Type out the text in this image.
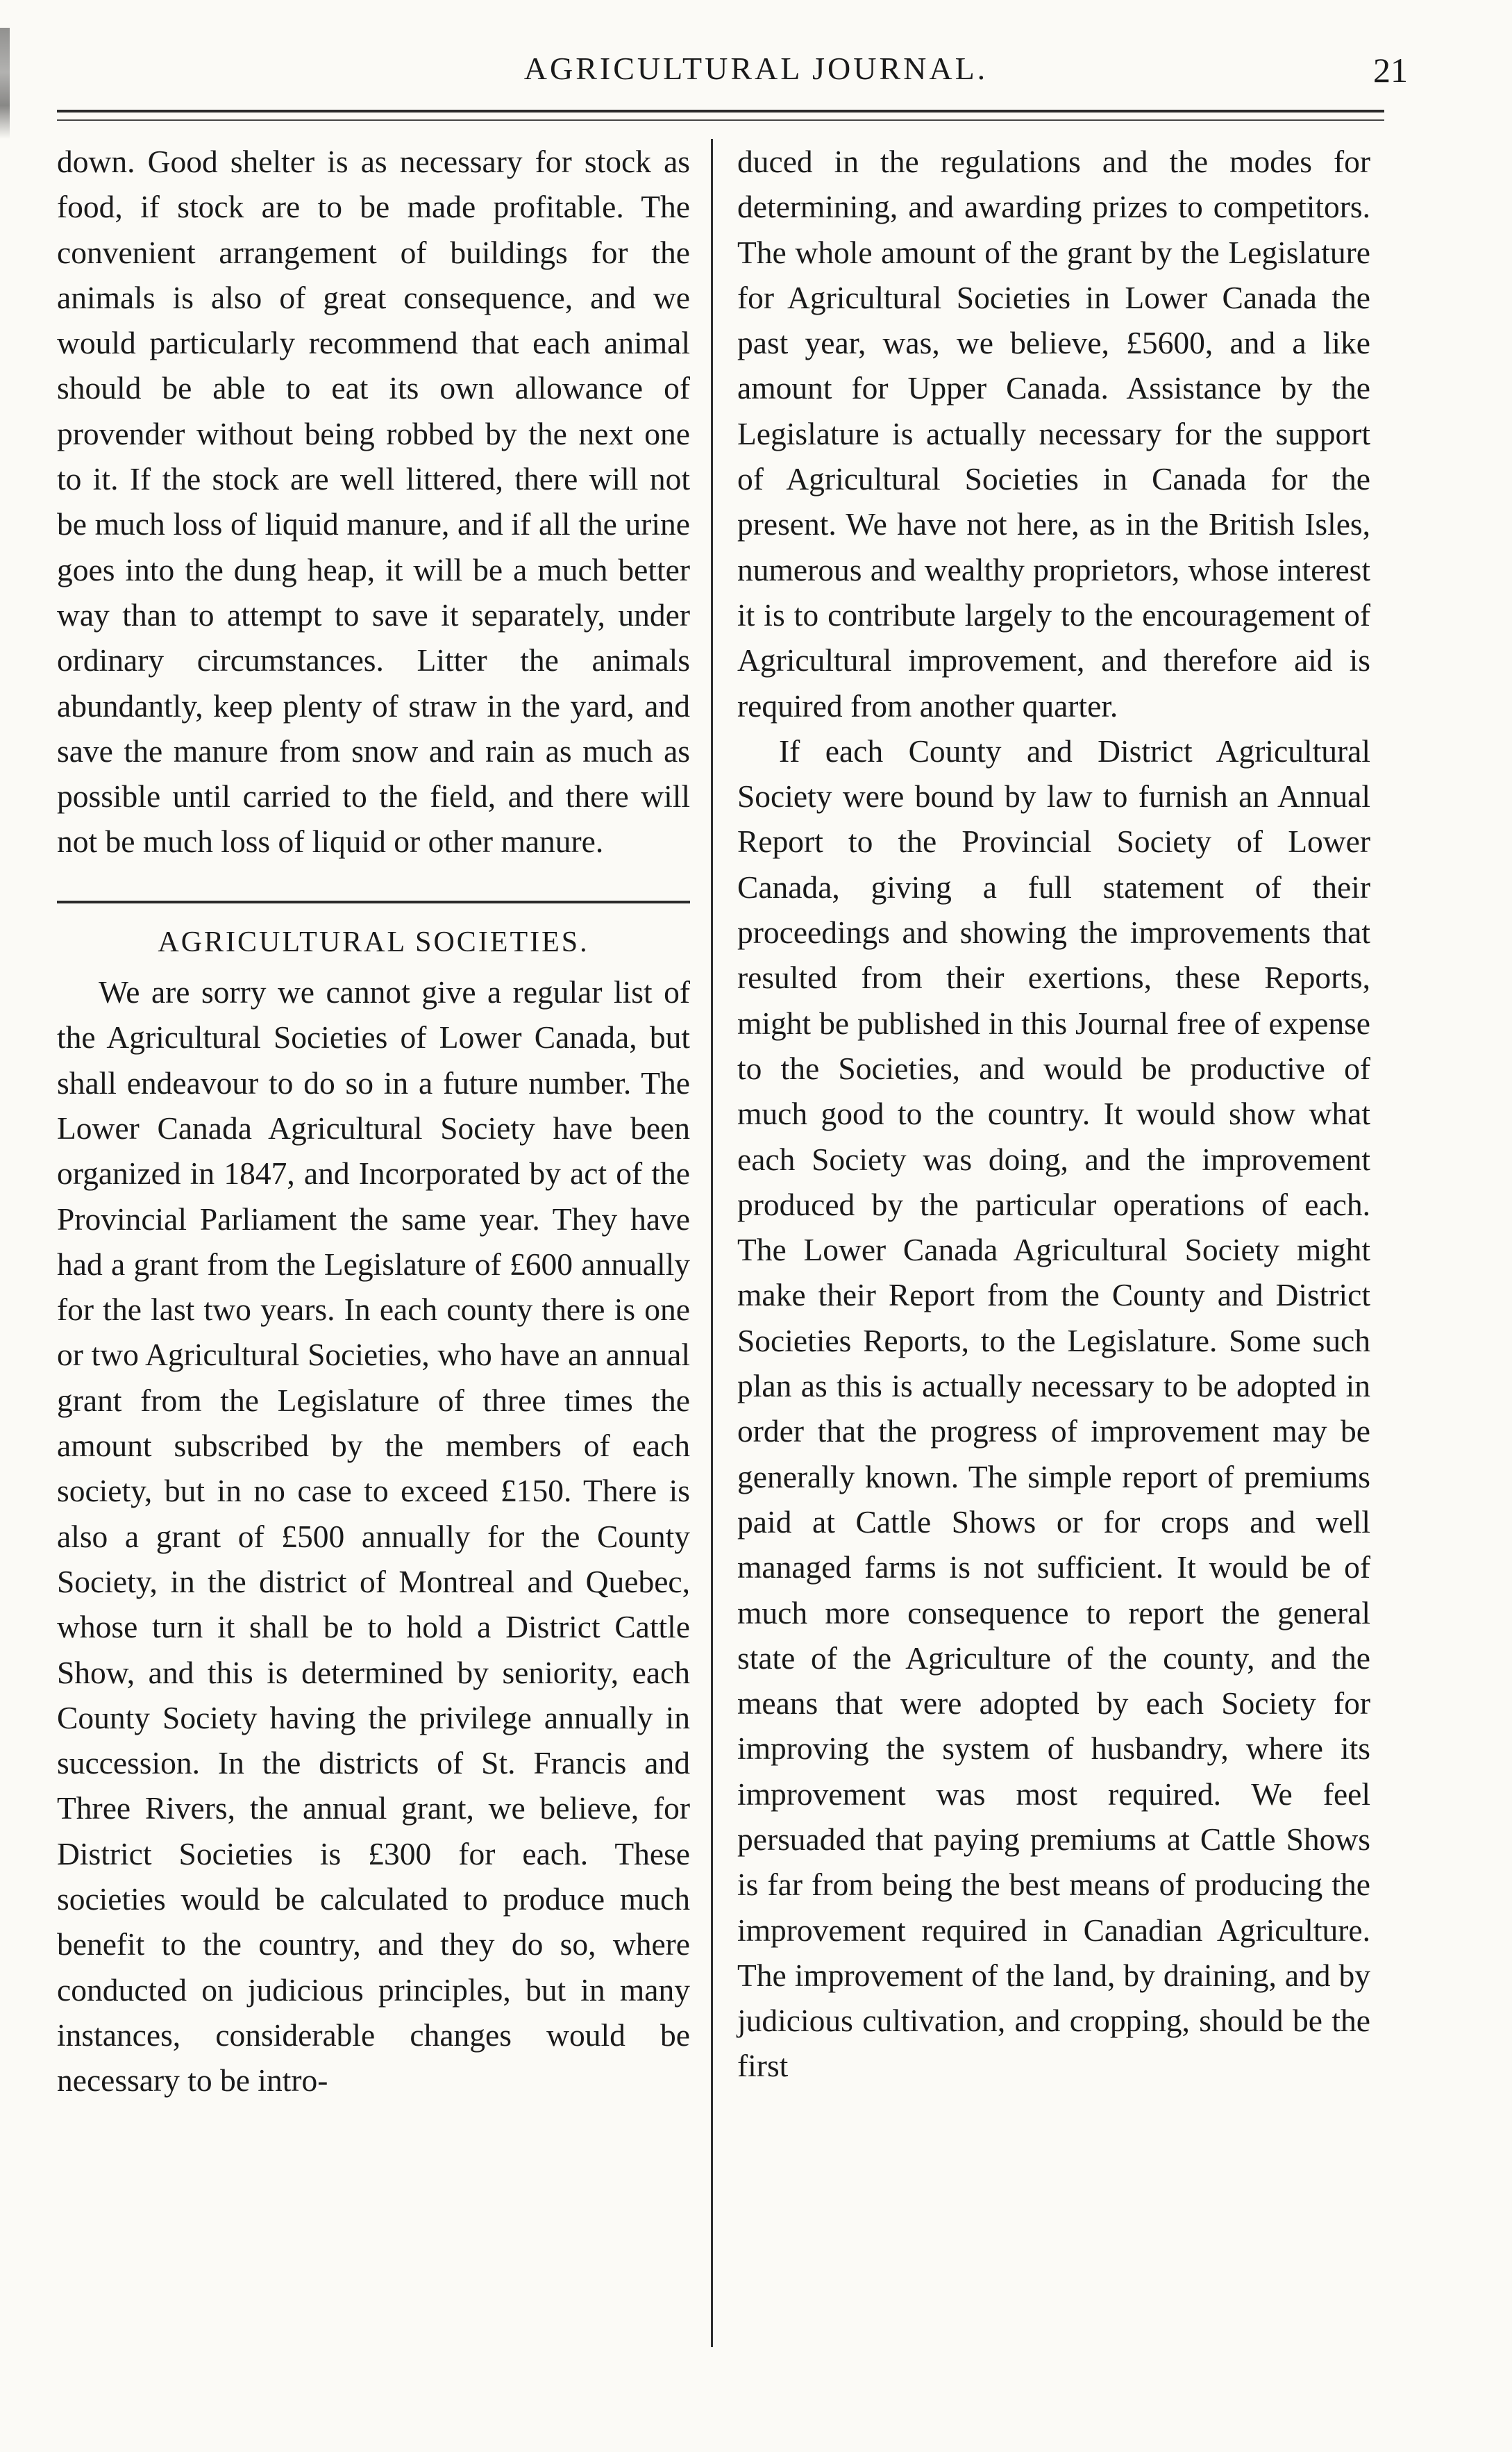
AGRICULTURAL JOURNAL.	21

down. Good shelter is as necessary for stock as food, if stock are to be made profitable. The convenient arrangement of buildings for the animals is also of great consequence, and we would particularly recommend that each animal should be able to eat its own allowance of provender without being robbed by the next one to it. If the stock are well littered, there will not be much loss of liquid manure, and if all the urine goes into the dung heap, it will be a much better way than to attempt to save it separately, under ordinary circumstances. Litter the animals abundantly, keep plenty of straw in the yard, and save the manure from snow and rain as much as possible until carried to the field, and there will not be much loss of liquid or other manure.

AGRICULTURAL SOCIETIES.

We are sorry we cannot give a regular list of the Agricultural Societies of Lower Canada, but shall endeavour to do so in a future number. The Lower Canada Agricultural Society have been organized in 1847, and Incorporated by act of the Provincial Parliament the same year. They have had a grant from the Legislature of £600 annually for the last two years. In each county there is one or two Agricultural Societies, who have an annual grant from the Legislature of three times the amount subscribed by the members of each society, but in no case to exceed £150. There is also a grant of £500 annually for the County Society, in the district of Montreal and Quebec, whose turn it shall be to hold a District Cattle Show, and this is determined by seniority, each County Society having the privilege annually in succession. In the districts of St. Francis and Three Rivers, the annual grant, we believe, for District Societies is £300 for each. These societies would be calculated to produce much benefit to the country, and they do so, where conducted on judicious principles, but in many instances, considerable changes would be necessary to be intro-

duced in the regulations and the modes for determining, and awarding prizes to competitors. The whole amount of the grant by the Legislature for Agricultural Societies in Lower Canada the past year, was, we believe, £5600, and a like amount for Upper Canada. Assistance by the Legislature is actually necessary for the support of Agricultural Societies in Canada for the present. We have not here, as in the British Isles, numerous and wealthy proprietors, whose interest it is to contribute largely to the encouragement of Agricultural improvement, and therefore aid is required from another quarter.

If each County and District Agricultural Society were bound by law to furnish an Annual Report to the Provincial Society of Lower Canada, giving a full statement of their proceedings and showing the improvements that resulted from their exertions, these Reports, might be published in this Journal free of expense to the Societies, and would be productive of much good to the country. It would show what each Society was doing, and the improvement produced by the particular operations of each. The Lower Canada Agricultural Society might make their Report from the County and District Societies Reports, to the Legislature. Some such plan as this is actually necessary to be adopted in order that the progress of improvement may be generally known. The simple report of premiums paid at Cattle Shows or for crops and well managed farms is not sufficient. It would be of much more consequence to report the general state of the Agriculture of the county, and the means that were adopted by each Society for improving the system of husbandry, where its improvement was most required. We feel persuaded that paying premiums at Cattle Shows is far from being the best means of producing the improvement required in Canadian Agriculture. The improvement of the land, by draining, and by judicious cultivation, and cropping, should be the first
